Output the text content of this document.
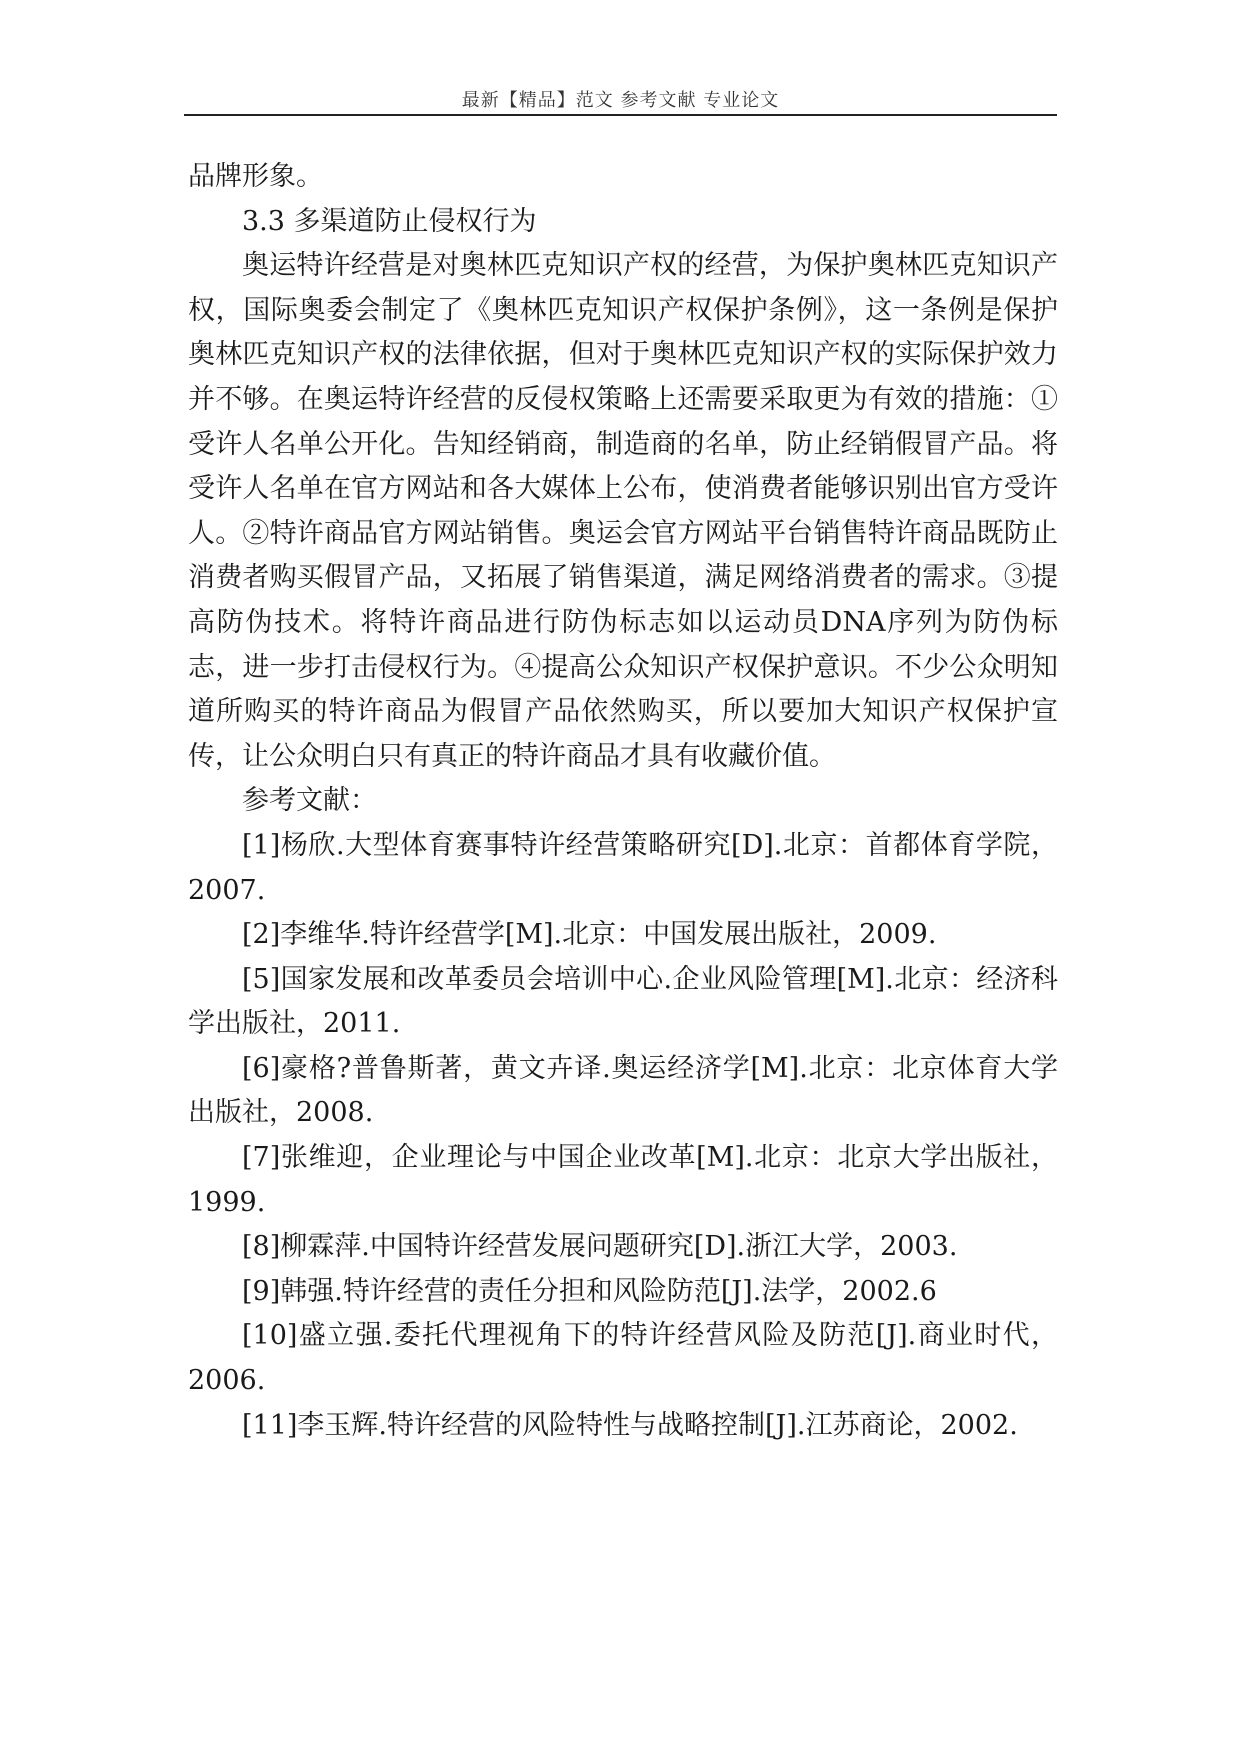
最新【精品】范文 参考文献 专业论文

品牌形象。

3.3 多渠道防止侵权行为

奥运特许经营是对奥林匹克知识产权的经营，为保护奥林匹克知识产权，国际奥委会制定了《奥林匹克知识产权保护条例》，这一条例是保护奥林匹克知识产权的法律依据，但对于奥林匹克知识产权的实际保护效力并不够。在奥运特许经营的反侵权策略上还需要采取更为有效的措施：①受许人名单公开化。告知经销商，制造商的名单，防止经销假冒产品。将受许人名单在官方网站和各大媒体上公布，使消费者能够识别出官方受许人。②特许商品官方网站销售。奥运会官方网站平台销售特许商品既防止消费者购买假冒产品，又拓展了销售渠道，满足网络消费者的需求。③提高防伪技术。将特许商品进行防伪标志如以运动员DNA序列为防伪标志，进一步打击侵权行为。④提高公众知识产权保护意识。不少公众明知道所购买的特许商品为假冒产品依然购买，所以要加大知识产权保护宣传，让公众明白只有真正的特许商品才具有收藏价值。

参考文献：

[1]杨欣.大型体育赛事特许经营策略研究[D].北京：首都体育学院，2007.

[2]李维华.特许经营学[M].北京：中国发展出版社，2009.

[5]国家发展和改革委员会培训中心.企业风险管理[M].北京：经济科学出版社，2011.

[6]豪格?普鲁斯著，黄文卉译.奥运经济学[M].北京：北京体育大学出版社，2008.

[7]张维迎，企业理论与中国企业改革[M].北京：北京大学出版社，1999.

[8]柳霖萍.中国特许经营发展问题研究[D].浙江大学，2003.

[9]韩强.特许经营的责任分担和风险防范[J].法学，2002.6

[10]盛立强.委托代理视角下的特许经营风险及防范[J].商业时代，2006.

[11]李玉辉.特许经营的风险特性与战略控制[J].江苏商论，2002.
